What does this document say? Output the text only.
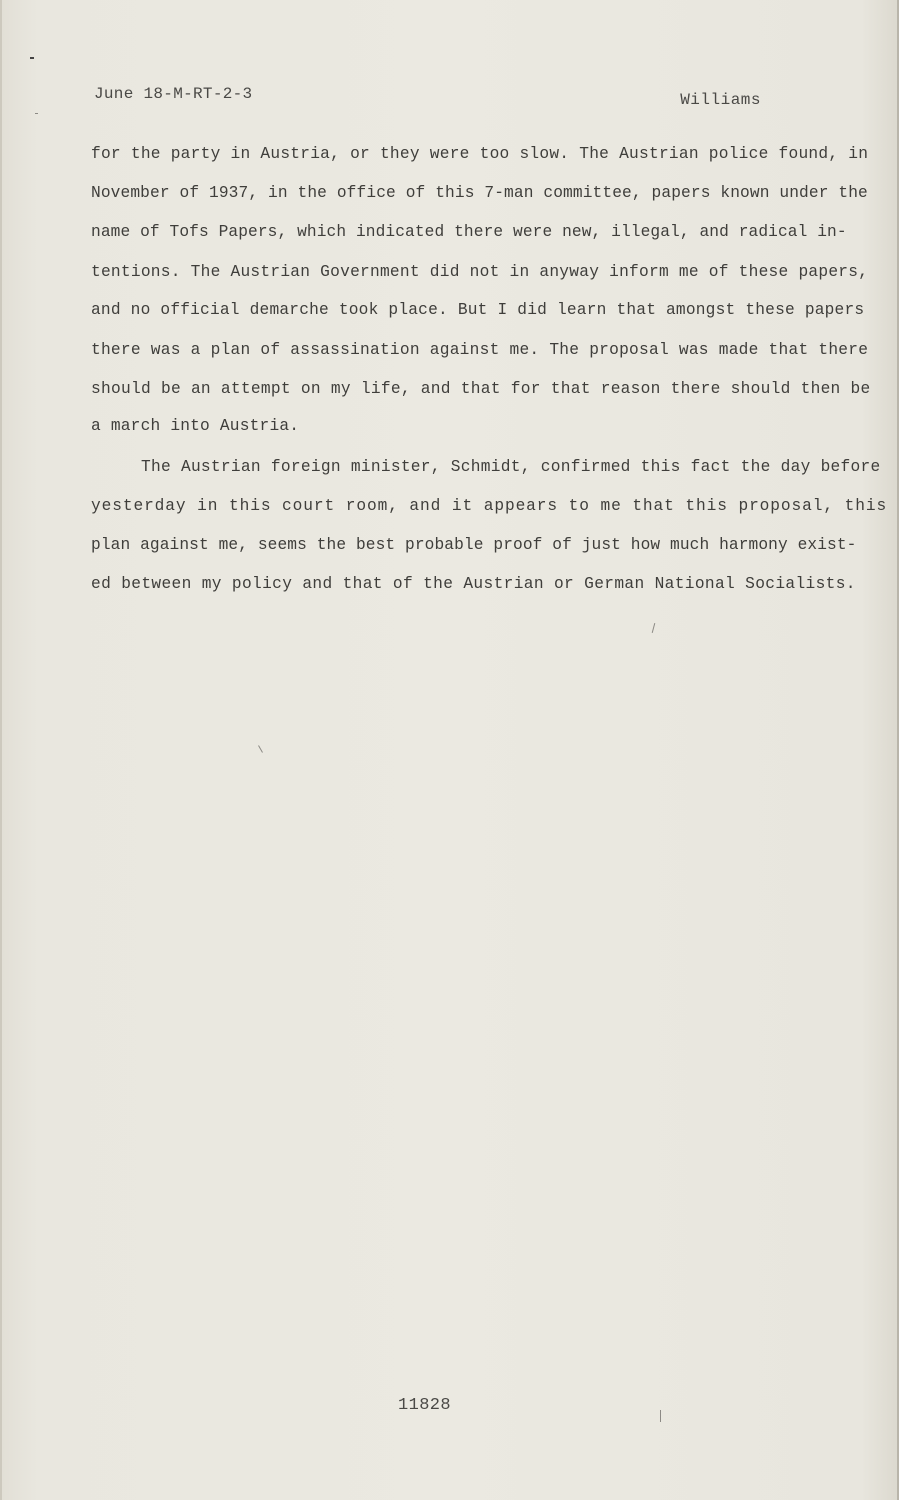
June 18-M-RT-2-3	Williams
for the party in Austria, or they were too slow. The Austrian police found, in
November of 1937, in the office of this 7-man committee, papers known under the
name of Tofs Papers, which indicated there were new, illegal, and radical in-
tentions. The Austrian Government did not in anyway inform me of these papers,
and no official demarche took place. But I did learn that amongst these papers
there was a plan of assassination against me. The proposal was made that there
should be an attempt on my life, and that for that reason there should then be
a march into Austria.
The Austrian foreign minister, Schmidt, confirmed this fact the day before
yesterday in this court room, and it appears to me that this proposal, this
plan against me, seems the best probable proof of just how much harmony exist-
ed between my policy and that of the Austrian or German National Socialists.
11828
